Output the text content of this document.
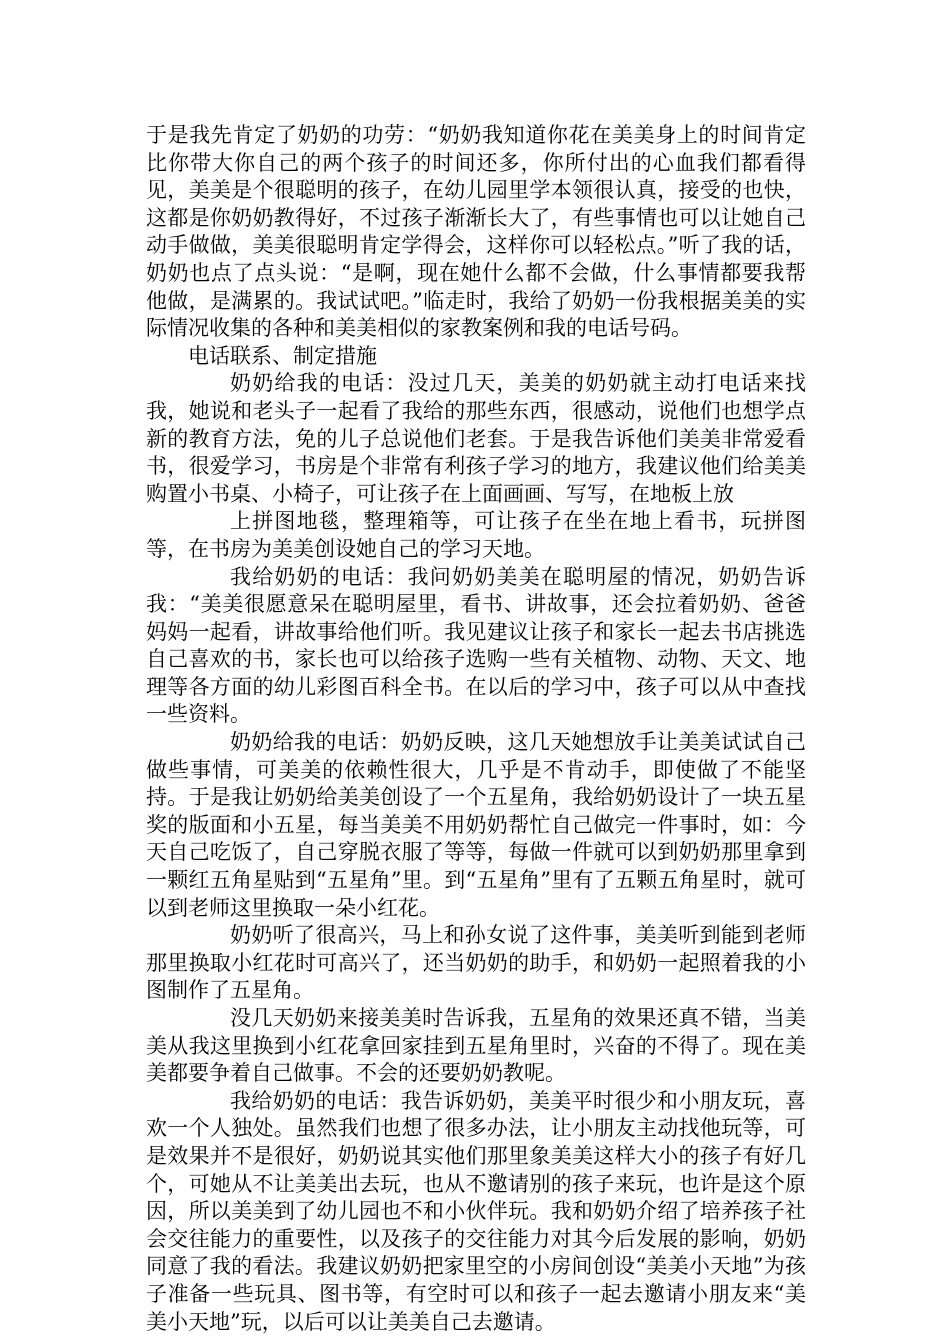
于是我先肯定了奶奶的功劳：“奶奶我知道你花在美美身上的时间肯定比你带大你自己的两个孩子的时间还多，你所付出的心血我们都看得见，美美是个很聪明的孩子，在幼儿园里学本领很认真，接受的也快，这都是你奶奶教得好，不过孩子渐渐长大了，有些事情也可以让她自己动手做做，美美很聪明肯定学得会，这样你可以轻松点。”听了我的话，奶奶也点了点头说：“是啊，现在她什么都不会做，什么事情都要我帮他做，是满累的。我试试吧。”临走时，我给了奶奶一份我根据美美的实际情况收集的各种和美美相似的家教案例和我的电话号码。

电话联系、制定措施

奶奶给我的电话：没过几天，美美的奶奶就主动打电话来找我，她说和老头子一起看了我给的那些东西，很感动，说他们也想学点新的教育方法，免的儿子总说他们老套。于是我告诉他们美美非常爱看书，很爱学习，书房是个非常有利孩子学习的地方，我建议他们给美美购置小书桌、小椅子，可让孩子在上面画画、写写，在地板上放

上拼图地毯，整理箱等，可让孩子在坐在地上看书，玩拼图等，在书房为美美创设她自己的学习天地。

我给奶奶的电话：我问奶奶美美在聪明屋的情况，奶奶告诉我：“美美很愿意呆在聪明屋里，看书、讲故事，还会拉着奶奶、爸爸妈妈一起看，讲故事给他们听。我见建议让孩子和家长一起去书店挑选自己喜欢的书，家长也可以给孩子选购一些有关植物、动物、天文、地理等各方面的幼儿彩图百科全书。在以后的学习中，孩子可以从中查找一些资料。

奶奶给我的电话：奶奶反映，这几天她想放手让美美试试自己做些事情，可美美的依赖性很大，几乎是不肯动手，即使做了不能坚持。于是我让奶奶给美美创设了一个五星角，我给奶奶设计了一块五星奖的版面和小五星，每当美美不用奶奶帮忙自己做完一件事时，如：今天自己吃饭了，自己穿脱衣服了等等，每做一件就可以到奶奶那里拿到一颗红五角星贴到“五星角”里。到“五星角”里有了五颗五角星时，就可以到老师这里换取一朵小红花。

奶奶听了很高兴，马上和孙女说了这件事，美美听到能到老师那里换取小红花时可高兴了，还当奶奶的助手，和奶奶一起照着我的小图制作了五星角。

没几天奶奶来接美美时告诉我，五星角的效果还真不错，当美美从我这里换到小红花拿回家挂到五星角里时，兴奋的不得了。现在美美都要争着自己做事。不会的还要奶奶教呢。

我给奶奶的电话：我告诉奶奶，美美平时很少和小朋友玩，喜欢一个人独处。虽然我们也想了很多办法，让小朋友主动找他玩等，可是效果并不是很好，奶奶说其实他们那里象美美这样大小的孩子有好几个，可她从不让美美出去玩，也从不邀请别的孩子来玩，也许是这个原因，所以美美到了幼儿园也不和小伙伴玩。我和奶奶介绍了培养孩子社会交往能力的重要性，以及孩子的交往能力对其今后发展的影响，奶奶同意了我的看法。我建议奶奶把家里空的小房间创设“美美小天地”为孩子准备一些玩具、图书等，有空时可以和孩子一起去邀请小朋友来“美美小天地”玩，以后可以让美美自己去邀请。
